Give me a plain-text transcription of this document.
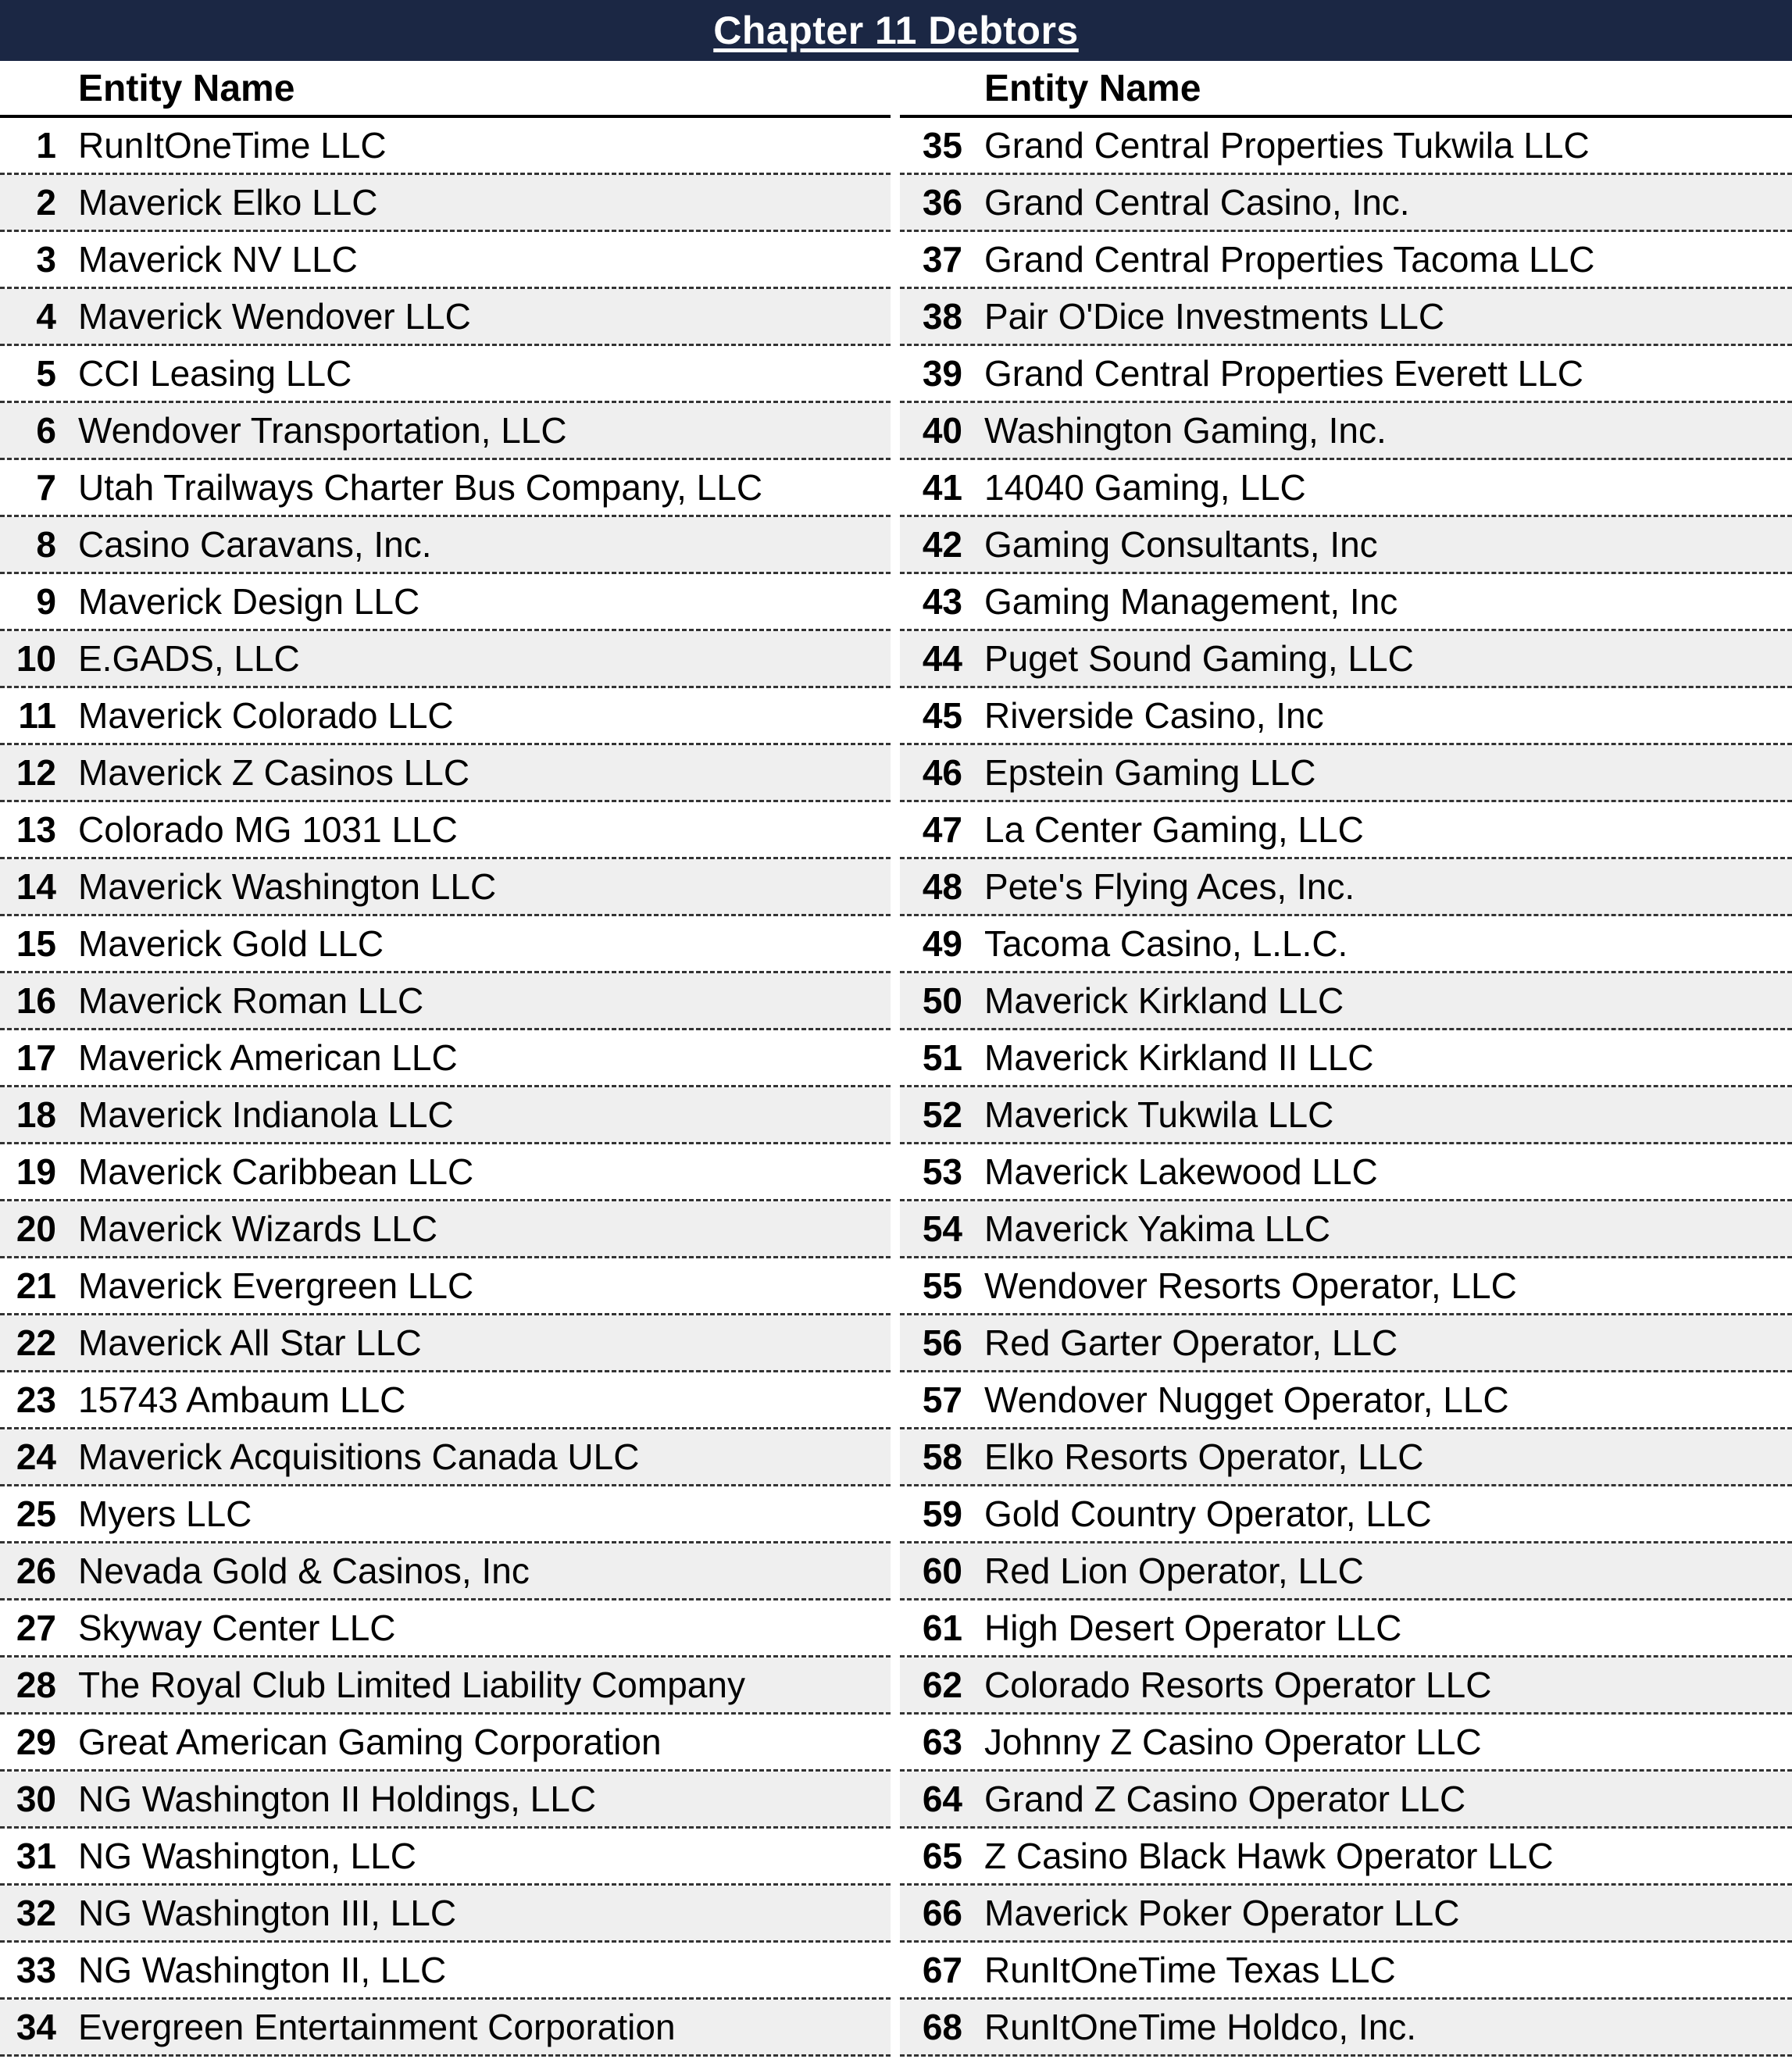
Chapter 11 Debtors
Entity Name
1 RunItOneTime LLC
2 Maverick Elko LLC
3 Maverick NV LLC
4 Maverick Wendover LLC
5 CCI Leasing LLC
6 Wendover Transportation, LLC
7 Utah Trailways Charter Bus Company, LLC
8 Casino Caravans, Inc.
9 Maverick Design LLC
10 E.GADS, LLC
11 Maverick Colorado LLC
12 Maverick Z Casinos LLC
13 Colorado MG 1031 LLC
14 Maverick Washington LLC
15 Maverick Gold LLC
16 Maverick Roman LLC
17 Maverick American LLC
18 Maverick Indianola LLC
19 Maverick Caribbean LLC
20 Maverick Wizards LLC
21 Maverick Evergreen LLC
22 Maverick All Star LLC
23 15743 Ambaum LLC
24 Maverick Acquisitions Canada ULC
25 Myers LLC
26 Nevada Gold & Casinos, Inc
27 Skyway Center LLC
28 The Royal Club Limited Liability Company
29 Great American Gaming Corporation
30 NG Washington II Holdings, LLC
31 NG Washington, LLC
32 NG Washington III, LLC
33 NG Washington II, LLC
34 Evergreen Entertainment Corporation
Entity Name
35 Grand Central Properties Tukwila LLC
36 Grand Central Casino, Inc.
37 Grand Central Properties Tacoma LLC
38 Pair O'Dice Investments LLC
39 Grand Central Properties Everett LLC
40 Washington Gaming, Inc.
41 14040 Gaming, LLC
42 Gaming Consultants, Inc
43 Gaming Management, Inc
44 Puget Sound Gaming, LLC
45 Riverside Casino, Inc
46 Epstein Gaming LLC
47 La Center Gaming, LLC
48 Pete's Flying Aces, Inc.
49 Tacoma Casino, L.L.C.
50 Maverick Kirkland LLC
51 Maverick Kirkland II LLC
52 Maverick Tukwila LLC
53 Maverick Lakewood LLC
54 Maverick Yakima LLC
55 Wendover Resorts Operator, LLC
56 Red Garter Operator, LLC
57 Wendover Nugget Operator, LLC
58 Elko Resorts Operator, LLC
59 Gold Country Operator, LLC
60 Red Lion Operator, LLC
61 High Desert Operator LLC
62 Colorado Resorts Operator LLC
63 Johnny Z Casino Operator LLC
64 Grand Z Casino Operator LLC
65 Z Casino Black Hawk Operator LLC
66 Maverick Poker Operator LLC
67 RunItOneTime Texas LLC
68 RunItOneTime Holdco, Inc.
